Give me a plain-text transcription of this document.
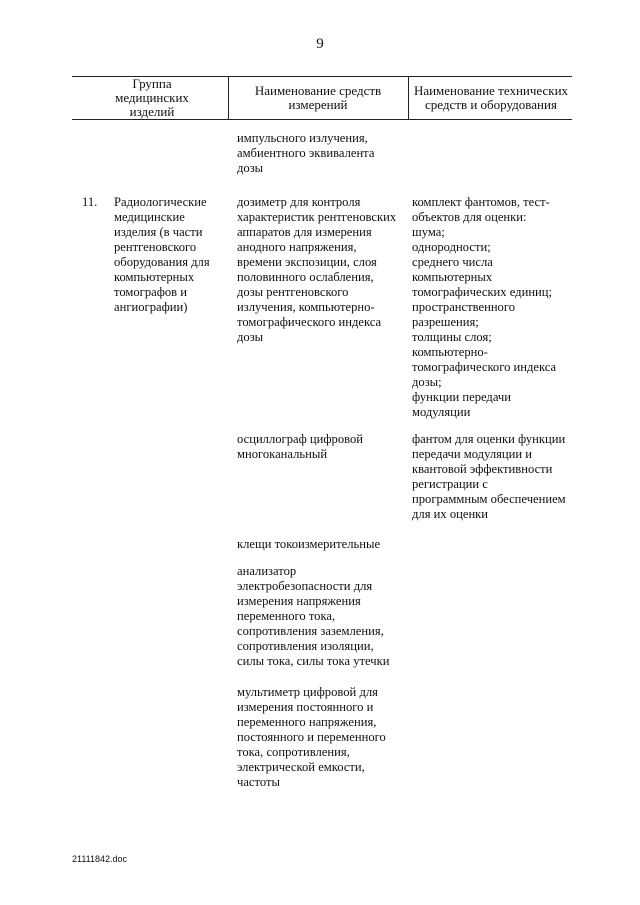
9
Группа
медицинских
изделий
Наименование средств
измерений
Наименование технических
средств и оборудования
импульсного излучения,
амбиентного эквивалента
дозы
11. Радиологические
медицинские
изделия (в части
рентгеновского
оборудования для
компьютерных
томографов и
ангиографии)
дозиметр для контроля
характеристик рентгеновских
аппаратов для измерения
анодного напряжения,
времени экспозиции, слоя
половинного ослабления,
дозы рентгеновского
излучения, компьютерно-
томографического индекса
дозы
комплект фантомов, тест-
объектов для оценки:
шума;
однородности;
среднего числа
компьютерных
томографических единиц;
пространственного
разрешения;
толщины слоя;
компьютерно-
томографического индекса
дозы;
функции передачи
модуляции
осциллограф цифровой
многоканальный
фантом для оценки функции
передачи модуляции и
квантовой эффективности
регистрации с
программным обеспечением
для их оценки
клещи токоизмерительные
анализатор
электробезопасности для
измерения напряжения
переменного тока,
сопротивления заземления,
сопротивления изоляции,
силы тока, силы тока утечки
мультиметр цифровой для
измерения постоянного и
переменного напряжения,
постоянного и переменного
тока, сопротивления,
электрической емкости,
частоты
21111842.doc
